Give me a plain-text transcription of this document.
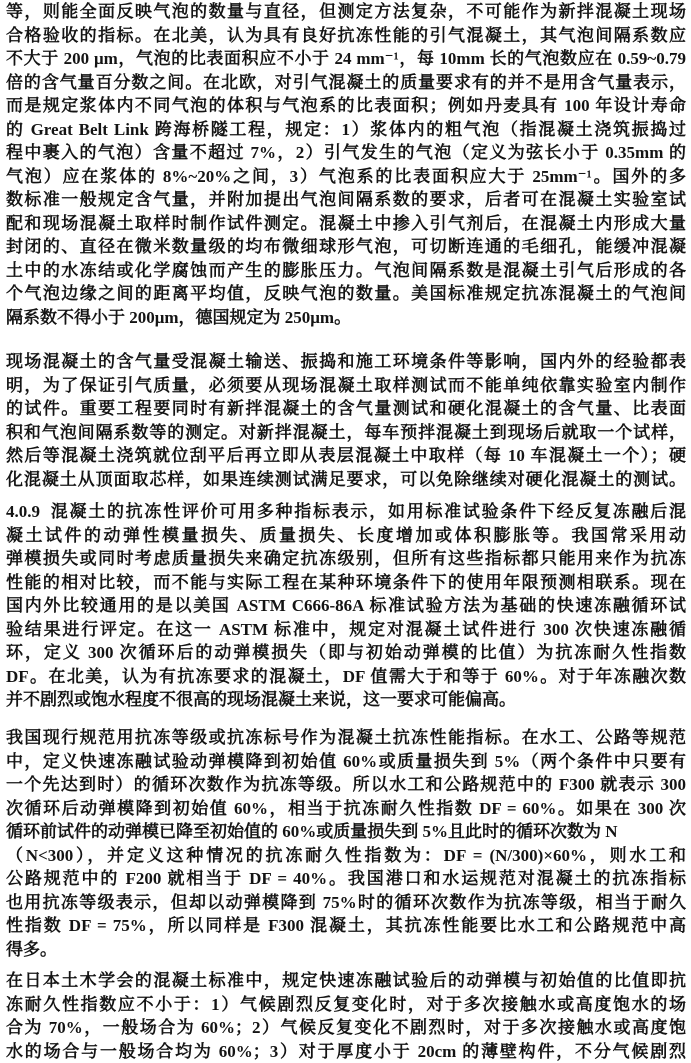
等，则能全面反映气泡的数量与直径，但测定方法复杂，不可能作为新拌混凝土现场
合格验收的指标。在北美，认为具有良好抗冻性能的引气混凝土，其气泡间隔系数应
不大于 200 μm，气泡的比表面积应不小于 24 mm⁻¹，每 10mm 长的气泡数应在 0.59~0.79
倍的含气量百分数之间。在北欧，对引气混凝土的质量要求有的并不是用含气量表示，
而是规定浆体内不同气泡的体积与气泡系的比表面积；例如丹麦具有 100 年设计寿命
的 Great Belt Link 跨海桥隧工程，规定：1）浆体内的粗气泡（指混凝土浇筑振捣过
程中裹入的气泡）含量不超过 7%，2）引气发生的气泡（定义为弦长小于 0.35mm 的
气泡）应在浆体的 8%~20%之间，3）气泡系的比表面积应大于 25mm⁻¹。国外的多
数标准一般规定含气量，并附加提出气泡间隔系数的要求，后者可在混凝土实验室试
配和现场混凝土取样时制作试件测定。混凝土中掺入引气剂后，在混凝土内形成大量
封闭的、直径在微米数量级的均布微细球形气泡，可切断连通的毛细孔，能缓冲混凝
土中的水冻结或化学腐蚀而产生的膨胀压力。气泡间隔系数是混凝土引气后形成的各
个气泡边缘之间的距离平均值，反映气泡的数量。美国标准规定抗冻混凝土的气泡间
隔系数不得小于 200μm，德国规定为 250μm。
现场混凝土的含气量受混凝土输送、振捣和施工环境条件等影响，国内外的经验都表
明，为了保证引气质量，必须要从现场混凝土取样测试而不能单纯依靠实验室内制作
的试件。重要工程要同时有新拌混凝土的含气量测试和硬化混凝土的含气量、比表面
积和气泡间隔系数等的测定。对新拌混凝土，每车预拌混凝土到现场后就取一个试样，
然后等混凝土浇筑就位刮平后再立即从表层混凝土中取样（每 10 车混凝土一个）；硬
化混凝土从顶面取芯样，如果连续测试满足要求，可以免除继续对硬化混凝土的测试。
4.0.9 混凝土的抗冻性评价可用多种指标表示，如用标准试验条件下经反复冻融后混
凝土试件的动弹性模量损失、质量损失、长度增加或体积膨胀等。我国常采用动
弹模损失或同时考虑质量损失来确定抗冻级别，但所有这些指标都只能用来作为抗冻
性能的相对比较，而不能与实际工程在某种环境条件下的使用年限预测相联系。现在
国内外比较通用的是以美国 ASTM C666-86A 标准试验方法为基础的快速冻融循环试
验结果进行评定。在这一 ASTM 标准中，规定对混凝土试件进行 300 次快速冻融循
环，定义 300 次循环后的动弹模损失（即与初始动弹模的比值）为抗冻耐久性指数
DF。在北美，认为有抗冻要求的混凝土，DF 值需大于和等于 60%。对于年冻融次数
并不剧烈或饱水程度不很高的现场混凝土来说，这一要求可能偏高。
我国现行规范用抗冻等级或抗冻标号作为混凝土抗冻性能指标。在水工、公路等规范
中，定义快速冻融试验动弹模降到初始值 60%或质量损失到 5%（两个条件中只要有
一个先达到时）的循环次数作为抗冻等级。所以水工和公路规范中的 F300 就表示 300
次循环后动弹模降到初始值 60%，相当于抗冻耐久性指数 DF = 60%。如果在 300 次
循环前试件的动弹模已降至初始值的 60%或质量损失到 5%且此时的循环次数为 N
（N<300），并定义这种情况的抗冻耐久性指数为：DF = (N/300)×60%，则水工和
公路规范中的 F200 就相当于 DF = 40%。我国港口和水运规范对混凝土的抗冻指标
也用抗冻等级表示，但却以动弹模降到 75%时的循环次数作为抗冻等级，相当于耐久
性指数 DF = 75%，所以同样是 F300 混凝土，其抗冻性能要比水工和公路规范中高
得多。
在日本土木学会的混凝土标准中，规定快速冻融试验后的动弹模与初始值的比值即抗
冻耐久性指数应不小于：1）气候剧烈反复变化时，对于多次接触水或高度饱水的场
合为 70%，一般场合为 60%；2）气候反复变化不剧烈时，对于多次接触水或高度饱
水的场合与一般场合均为 60%；3）对于厚度小于 20cm 的薄壁构件，不分气候剧烈
